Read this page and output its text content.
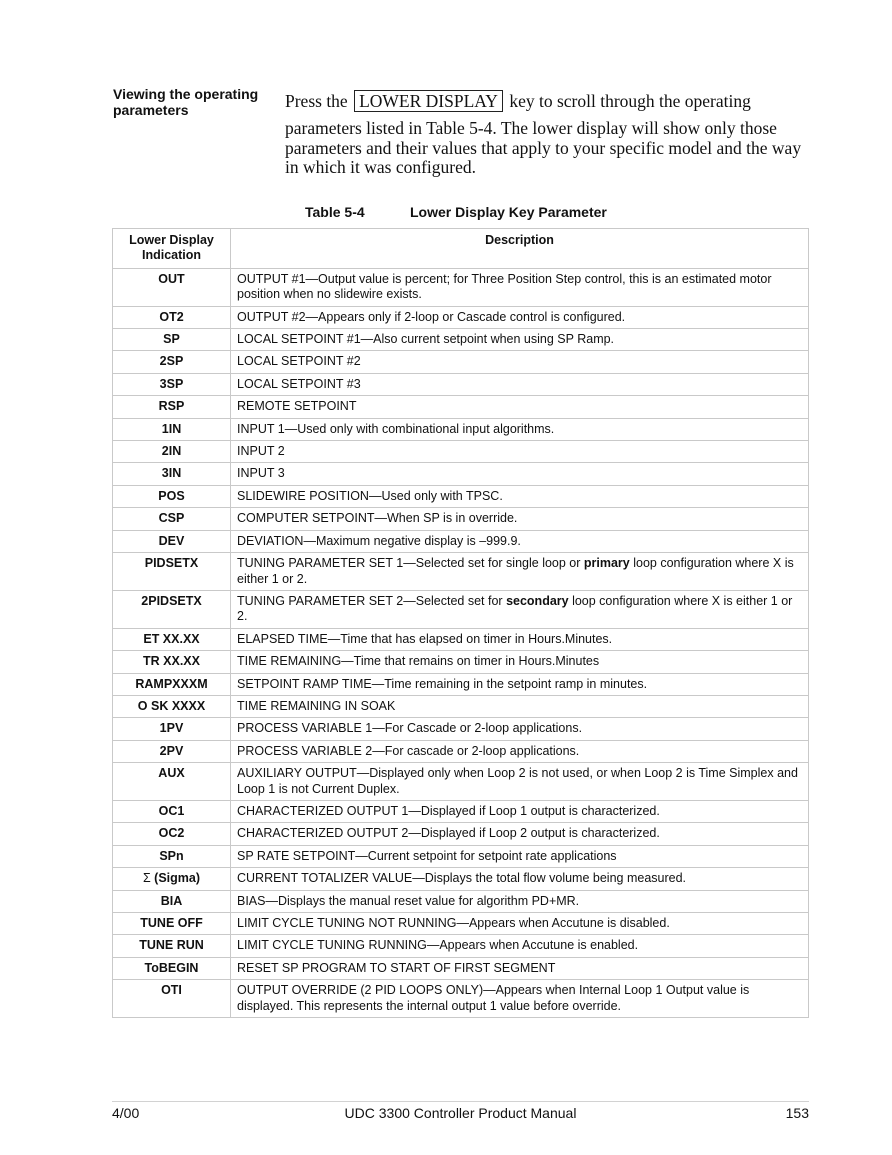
Viewing the operating parameters	Press the LOWER DISPLAY key to scroll through the operating
parameters listed in Table 5-4. The lower display will show only those parameters and their values that apply to your specific model and the way in which it was configured.
Table 5-4	Lower Display Key Parameter
Lower Display Indication	Description
OUT	OUTPUT #1—Output value is percent; for Three Position Step control, this is an estimated motor position when no slidewire exists.
OT2	OUTPUT #2—Appears only if 2-loop or Cascade control is configured.
SP	LOCAL SETPOINT #1—Also current setpoint when using SP Ramp.
2SP	LOCAL SETPOINT #2
3SP	LOCAL SETPOINT #3
RSP	REMOTE SETPOINT
1IN	INPUT 1—Used only with combinational input algorithms.
2IN	INPUT 2
3IN	INPUT 3
POS	SLIDEWIRE POSITION—Used only with TPSC.
CSP	COMPUTER SETPOINT—When SP is in override.
DEV	DEVIATION—Maximum negative display is –999.9.
PIDSETX	TUNING PARAMETER SET 1—Selected set for single loop or primary loop configuration where X is either 1 or 2.
2PIDSETX	TUNING PARAMETER SET 2—Selected set for secondary loop configuration where X is either 1 or 2.
ET XX.XX	ELAPSED TIME—Time that has elapsed on timer in Hours.Minutes.
TR XX.XX	TIME REMAINING—Time that remains on timer in Hours.Minutes
RAMPXXXM	SETPOINT RAMP TIME—Time remaining in the setpoint ramp in minutes.
O SK XXXX	TIME REMAINING IN SOAK
1PV	PROCESS VARIABLE 1—For Cascade or 2-loop applications.
2PV	PROCESS VARIABLE 2—For cascade or 2-loop applications.
AUX	AUXILIARY OUTPUT—Displayed only when Loop 2 is not used, or when Loop 2 is Time Simplex and Loop 1 is not Current Duplex.
OC1	CHARACTERIZED OUTPUT 1—Displayed if Loop 1 output is characterized.
OC2	CHARACTERIZED OUTPUT 2—Displayed if Loop 2 output is characterized.
SPn	SP RATE SETPOINT—Current setpoint for setpoint rate applications
Σ (Sigma)	CURRENT TOTALIZER VALUE—Displays the total flow volume being measured.
BIA	BIAS—Displays the manual reset value for algorithm PD+MR.
TUNE OFF	LIMIT CYCLE TUNING NOT RUNNING—Appears when Accutune is disabled.
TUNE RUN	LIMIT CYCLE TUNING RUNNING—Appears when Accutune is enabled.
ToBEGIN	RESET SP PROGRAM TO START OF FIRST SEGMENT
OTI	OUTPUT OVERRIDE (2 PID LOOPS ONLY)—Appears when Internal Loop 1 Output value is displayed. This represents the internal output 1 value before override.
4/00	UDC 3300 Controller Product Manual	153
